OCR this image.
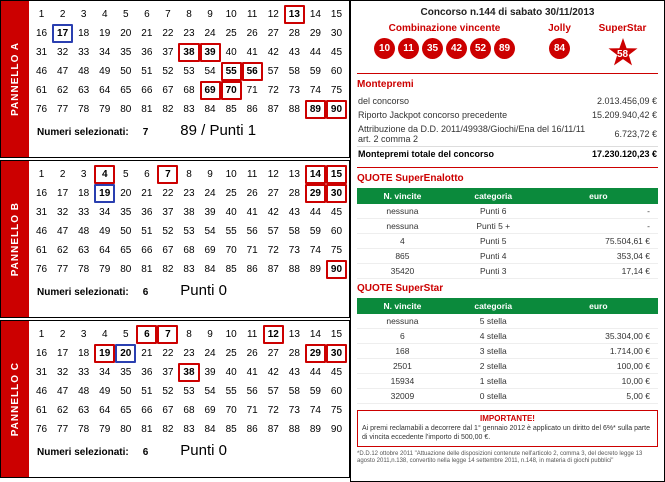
PANNELLO A
1	2	3	4	5	6	7	8	9	10	11	12 13 14 15
16 17 18 19 20 21 22 23 24 25 26 27 28 29 30
31 32 33 34 35 36 37 38 39 40 41 42 43 44 45
46 47 48 49 50 51 52 53 54 55 56 57 58 59 60
61 62 63 64 65 66 67 68 69 70 71 72 73 74 75
76 77 78 79 80 81 82 83 84 85 86 87 88 89 90
Numeri selezionati: 7 89 / Punti 1
PANNELLO B
1	2	3	4	5	6	7	8	9	10	11	12 13 14 15
16 17 18 19 20 21 22 23 24 25 26 27 28 29 30
31 32 33 34 35 36 37 38 39 40 41 42 43 44 45
46 47 48 49 50 51 52 53 54 55 56 57 58 59 60
61 62 63 64 65 66 67 68 69 70 71 72 73 74 75
76 77 78 79 80 81 82 83 84 85 86 87 88 89 90
Numeri selezionati: 6 Punti 0
PANNELLO C
1	2	3	4	5	6	7	8	9	10	11	12 13 14 15
16 17 18 19 20 21 22 23 24 25 26 27 28 29 30
31 32 33 34 35 36 37 38 39 40 41 42 43 44 45
46 47 48 49 50 51 52 53 54 55 56 57 58 59 60
61 62 63 64 65 66 67 68 69 70 71 72 73 74 75
76 77 78 79 80 81 82 83 84 85 86 87 88 89 90
Numeri selezionati: 6 Punti 0
Concorso n.144 di sabato 30/11/2013
Combinazione vincente
10	11	35	42	52	89
Jolly
84
SuperStar
58
Montepremi
del concorso	2.013.456,09 €
Riporto Jackpot concorso precedente	15.209.940,42 €
Attribuzione da D.D. 2011/49938/Giochi/Ena del 16/11/11 art. 2 comma 2	6.723,72 €
Montepremi totale del concorso	17.230.120,23 €
QUOTE SuperEnalotto
N. vincite	categoria	euro
nessuna	Punti 6	-
nessuna	Punti 5 +	-
4	Punti 5	75.504,61 €
865	Punti 4	353,04 €
35420	Punti 3	17,14 €
QUOTE SuperStar
N. vincite	categoria	euro
nessuna	5 stella	
6	4 stella	35.304,00 €
168	3 stella	1.714,00 €
2501	2 stella	100,00 €
15934	1 stella	10,00 €
32009	0 stella	5,00 €
IMPORTANTE!
Ai premi reclamabili a decorrere dal 1° gennaio 2012 è applicato un diritto del 6%* sulla parte di vincita eccedente l'importo di 500,00 €.
*D.D.12 ottobre 2011 "Attuazione delle disposizioni contenute nell'articolo 2, comma 3, del decreto legge 13 agosto 2011,n.138, convertito nella legge 14 settembre 2011, n.148, in materia di giochi pubblici"
